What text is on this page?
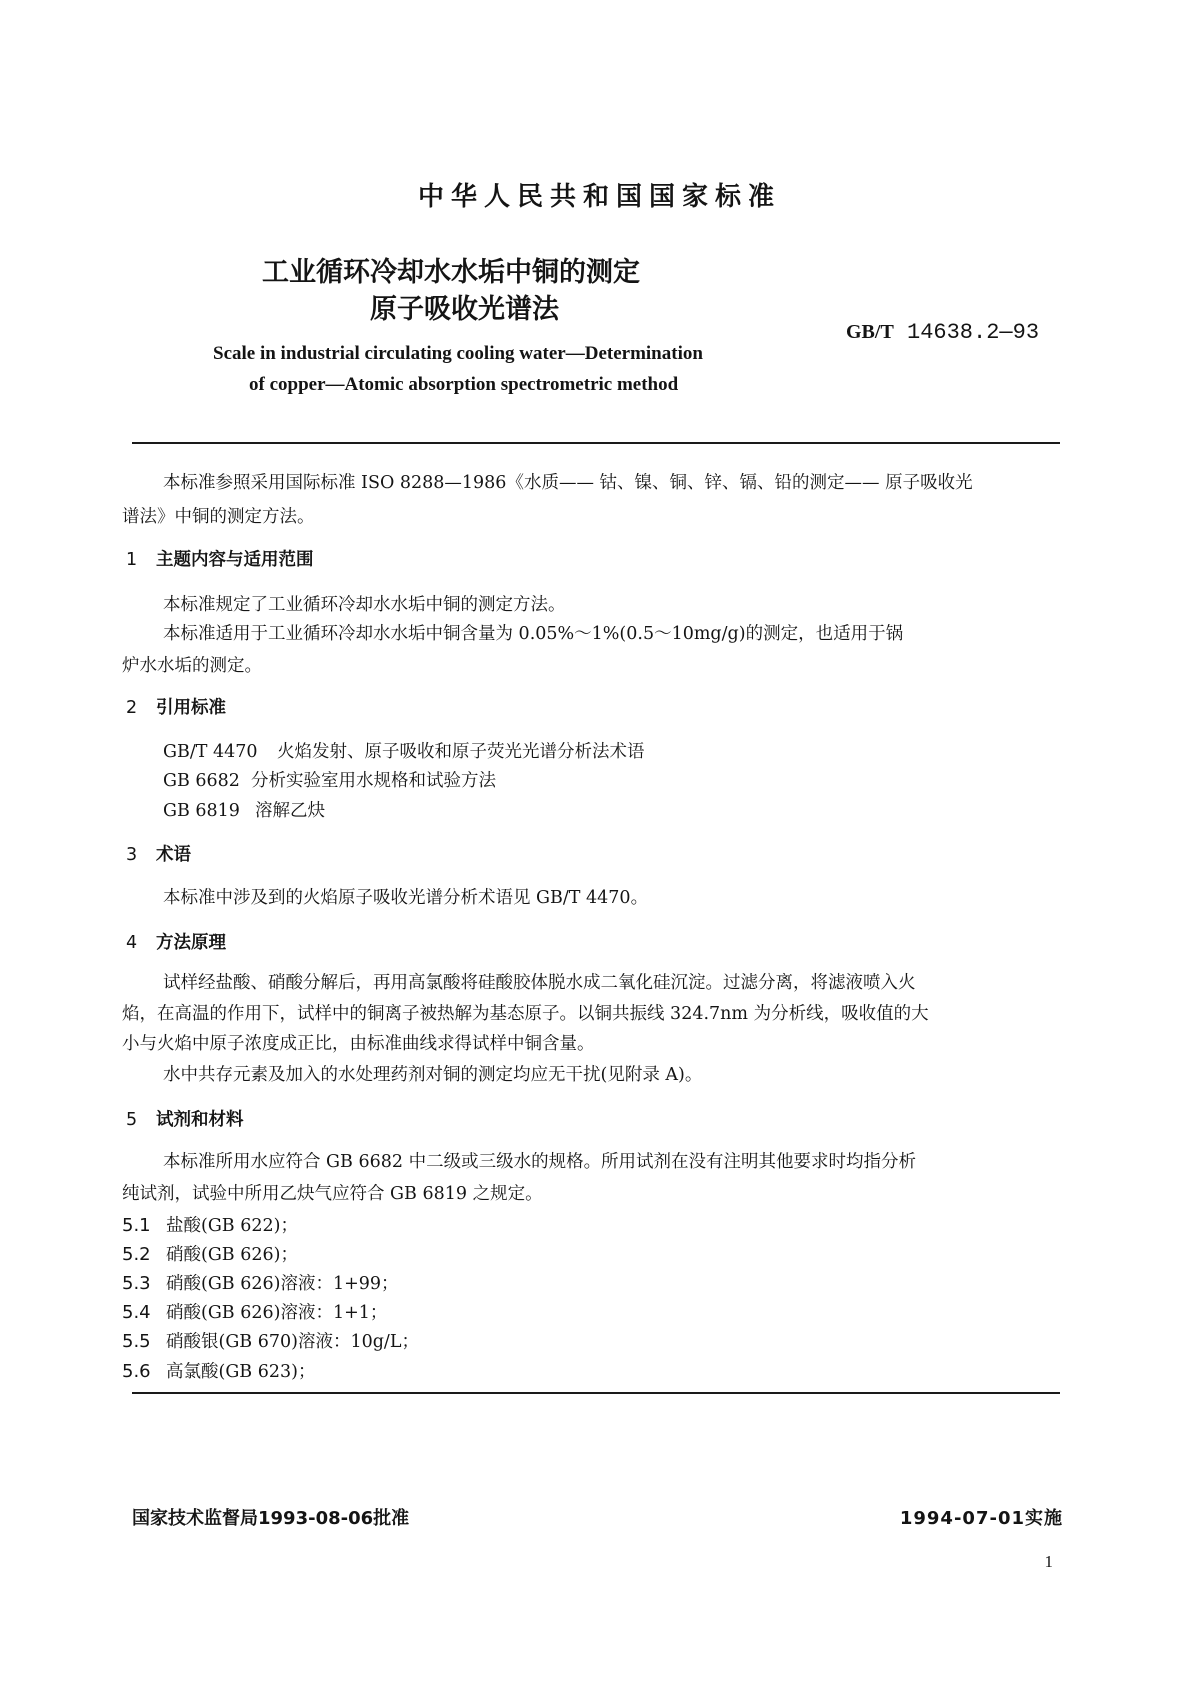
中华人民共和国国家标准
工业循环冷却水水垢中铜的测定
原子吸收光谱法
GB/T 14638.2—93
Scale in industrial circulating cooling water—Determination
of copper—Atomic absorption spectrometric method
本标准参照采用国际标准 ISO 8288—1986《水质—— 钴、镍、铜、锌、镉、铅的测定—— 原子吸收光
谱法》中铜的测定方法。
1 主题内容与适用范围
本标准规定了工业循环冷却水水垢中铜的测定方法。
本标准适用于工业循环冷却水水垢中铜含量为 0.05%～1%(0.5～10mg/g)的测定，也适用于锅
炉水水垢的测定。
2 引用标准
GB/T 4470 火焰发射、原子吸收和原子荧光光谱分析法术语
GB 6682 分析实验室用水规格和试验方法
GB 6819 溶解乙炔
3 术语
本标准中涉及到的火焰原子吸收光谱分析术语见 GB/T 4470。
4 方法原理
试样经盐酸、硝酸分解后，再用高氯酸将硅酸胶体脱水成二氧化硅沉淀。过滤分离，将滤液喷入火
焰，在高温的作用下，试样中的铜离子被热解为基态原子。以铜共振线 324.7nm 为分析线，吸收值的大
小与火焰中原子浓度成正比，由标准曲线求得试样中铜含量。
水中共存元素及加入的水处理药剂对铜的测定均应无干扰(见附录 A)。
5 试剂和材料
本标准所用水应符合 GB 6682 中二级或三级水的规格。所用试剂在没有注明其他要求时均指分析
纯试剂，试验中所用乙炔气应符合 GB 6819 之规定。
5.1 盐酸(GB 622)；
5.2 硝酸(GB 626)；
5.3 硝酸(GB 626)溶液：1+99；
5.4 硝酸(GB 626)溶液：1+1；
5.5 硝酸银(GB 670)溶液：10g/L；
5.6 高氯酸(GB 623)；
国家技术监督局1993-08-06批准	1994-07-01实施
1
